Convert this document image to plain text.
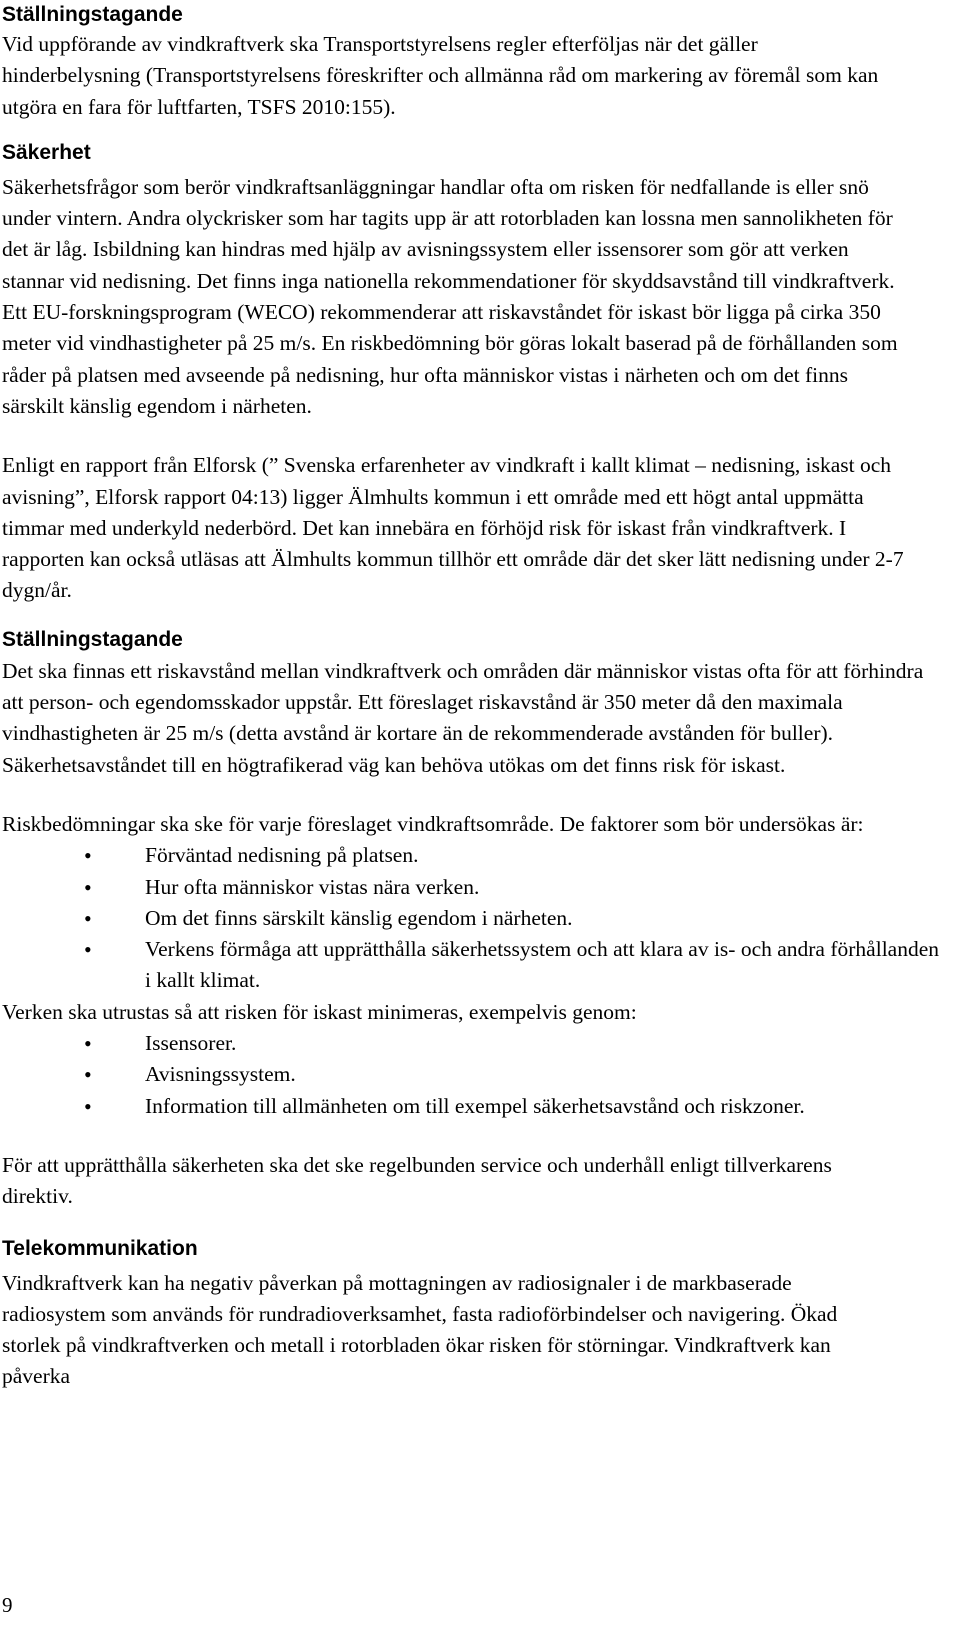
Ställningstagande

Vid uppförande av vindkraftverk ska Transportstyrelsens regler efterföljas när det gäller hinderbelysning (Transportstyrelsens föreskrifter och allmänna råd om markering av föremål som kan utgöra en fara för luftfarten, TSFS 2010:155).

Säkerhet

Säkerhetsfrågor som berör vindkraftsanläggningar handlar ofta om risken för nedfallande is eller snö under vintern. Andra olyckrisker som har tagits upp är att rotorbladen kan lossna men sannolikheten för det är låg. Isbildning kan hindras med hjälp av avisningssystem eller issensorer som gör att verken stannar vid nedisning. Det finns inga nationella rekommendationer för skyddsavstånd till vindkraftverk. Ett EU-forskningsprogram (WECO) rekommenderar att riskavståndet för iskast bör ligga på cirka 350 meter vid vindhastigheter på 25 m/s. En riskbedömning bör göras lokalt baserad på de förhållanden som råder på platsen med avseende på nedisning, hur ofta människor vistas i närheten och om det finns särskilt känslig egendom i närheten.

Enligt en rapport från Elforsk (” Svenska erfarenheter av vindkraft i kallt klimat – nedisning, iskast och avisning”, Elforsk rapport 04:13) ligger Älmhults kommun i ett område med ett högt antal uppmätta timmar med underkyld nederbörd. Det kan innebära en förhöjd risk för iskast från vindkraftverk. I rapporten kan också utläsas att Älmhults kommun tillhör ett område där det sker lätt nedisning under 2-7 dygn/år.

Ställningstagande

Det ska finnas ett riskavstånd mellan vindkraftverk och områden där människor vistas ofta för att förhindra att person- och egendomsskador uppstår. Ett föreslaget riskavstånd är 350 meter då den maximala vindhastigheten är 25 m/s (detta avstånd är kortare än de rekommenderade avstånden för buller). Säkerhetsavståndet till en högtrafikerad väg kan behöva utökas om det finns risk för iskast.

Riskbedömningar ska ske för varje föreslaget vindkraftsområde. De faktorer som bör undersökas är:

• Förväntad nedisning på platsen.
• Hur ofta människor vistas nära verken.
• Om det finns särskilt känslig egendom i närheten.
• Verkens förmåga att upprätthålla säkerhetssystem och att klara av is- och andra förhållanden i kallt klimat.

Verken ska utrustas så att risken för iskast minimeras, exempelvis genom:

• Issensorer.
• Avisningssystem.
• Information till allmänheten om till exempel säkerhetsavstånd och riskzoner.

För att upprätthålla säkerheten ska det ske regelbunden service och underhåll enligt tillverkarens direktiv.

Telekommunikation

Vindkraftverk kan ha negativ påverkan på mottagningen av radiosignaler i de markbaserade radiosystem som används för rundradioverksamhet, fasta radioförbindelser och navigering. Ökad storlek på vindkraftverken och metall i rotorbladen ökar risken för störningar. Vindkraftverk kan påverka

9
